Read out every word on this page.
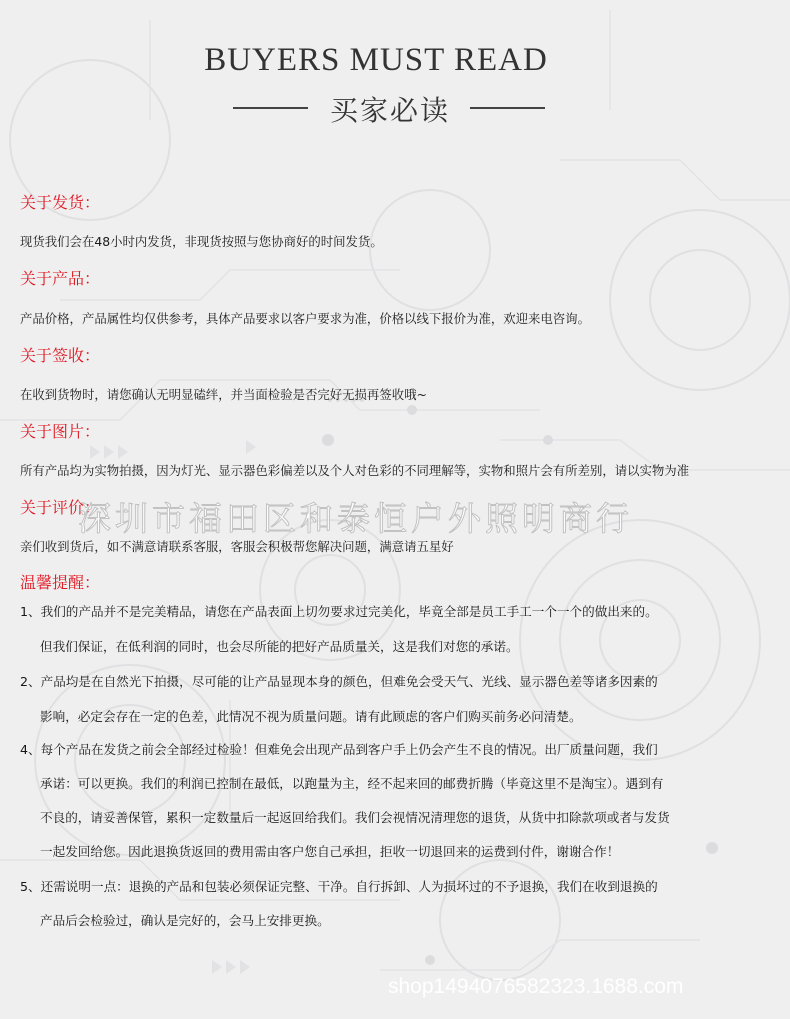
BUYERS MUST READ
买家必读
关于发货：
现货我们会在48小时内发货，非现货按照与您协商好的时间发货。
关于产品：
产品价格，产品属性均仅供参考，具体产品要求以客户要求为准，价格以线下报价为准，欢迎来电咨询。
关于签收：
在收到货物时，请您确认无明显磕绊，并当面检验是否完好无损再签收哦~
关于图片：
所有产品均为实物拍摄，因为灯光、显示器色彩偏差以及个人对色彩的不同理解等，实物和照片会有所差别，请以实物为准
关于评价：
亲们收到货后，如不满意请联系客服，客服会积极帮您解决问题，满意请五星好
温馨提醒：
1、我们的产品并不是完美精品，请您在产品表面上切勿要求过完美化，毕竟全部是员工手工一个一个的做出来的。
但我们保证，在低利润的同时，也会尽所能的把好产品质量关，这是我们对您的承诺。
2、产品均是在自然光下拍摄，尽可能的让产品显现本身的颜色，但难免会受天气、光线、显示器色差等诸多因素的
影响，必定会存在一定的色差，此情况不视为质量问题。请有此顾虑的客户们购买前务必问清楚。
4、每个产品在发货之前会全部经过检验！但难免会出现产品到客户手上仍会产生不良的情况。出厂质量问题，我们
承诺：可以更换。我们的利润已控制在最低，以跑量为主，经不起来回的邮费折腾（毕竟这里不是淘宝）。遇到有
不良的，请妥善保管，累积一定数量后一起返回给我们。我们会视情况清理您的退货，从货中扣除款项或者与发货
一起发回给您。因此退换货返回的费用需由客户您自己承担，拒收一切退回来的运费到付件，谢谢合作！
5、还需说明一点：退换的产品和包装必须保证完整、干净。自行拆卸、人为损坏过的不予退换，我们在收到退换的
产品后会检验过，确认是完好的，会马上安排更换。
深圳市福田区和泰恒户外照明商行
shop1494076582323.1688.com
